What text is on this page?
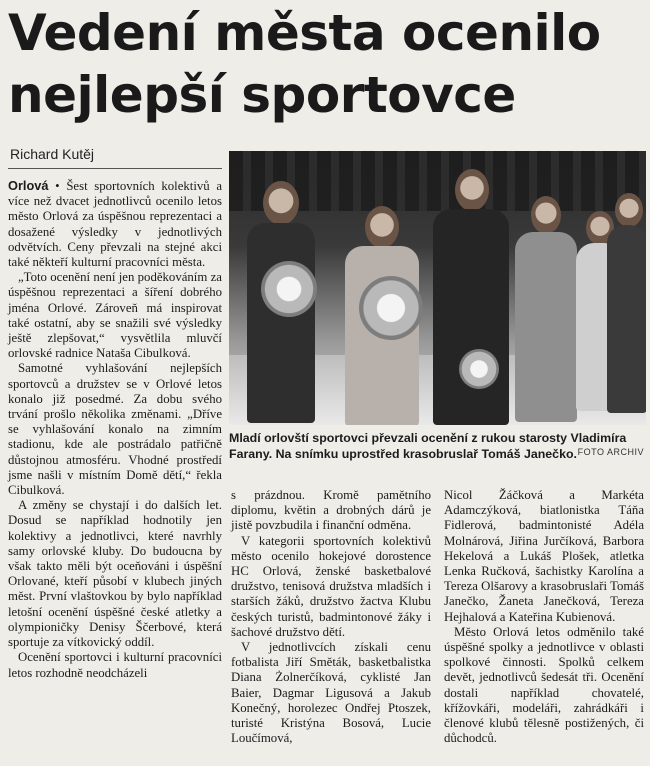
Vedení města ocenilo
nejlepší sportovce
Richard Kutěj

Orlová • Šest sportovních kolektivů a více než dvacet jednotlivců ocenilo letos město Orlová za úspěšnou reprezentaci a dosažené výsledky v jednotlivých odvětvích. Ceny převzali na stejné akci také někteří kulturní pracovníci města.

„Toto ocenění není jen poděkováním za úspěšnou reprezentaci a šíření dobrého jména Orlové. Zároveň má inspirovat také ostatní, aby se snažili své výsledky ještě zlepšovat,“ vysvětlila mluvčí orlovské radnice Nataša Cibulková.

Samotné vyhlašování nejlepších sportovců a družstev se v Orlové letos konalo již posedmé. Za dobu svého trvání prošlo několika změnami. „Dříve se vyhlašování konalo na zimním stadionu, kde ale postrádalo patřičně důstojnou atmosféru. Vhodné prostředí jsme našli v místním Domě dětí,“ řekla Cibulková.

A změny se chystají i do dalších let. Dosud se například hodnotily jen kolektivy a jednotlivci, které navrhly samy orlovské kluby. Do budoucna by však takto měli být oceňováni i úspěšní Orlované, kteří působí v klubech jiných měst. První vlaštovkou by bylo například letošní ocenění úspěšné české atletky a olympioničky Denisy Ščerbové, která sportuje za vítkovický oddíl.

Ocenění sportovci i kulturní pracovníci letos rozhodně neodcházeli

Mladí orlovští sportovci převzali ocenění z rukou starosty Vladimíra Farany. Na snímku uprostřed krasobruslař Tomáš Janečko. FOTO ARCHIV

s prázdnou. Kromě pamětního diplomu, květin a drobných dárů je jistě povzbudila i finanční odměna.

V kategorii sportovních kolektivů město ocenilo hokejové dorostence HC Orlová, ženské basketbalové družstvo, tenisová družstva mladších i starších žáků, družstvo žactva Klubu českých turistů, badmintonové žáky i šachové družstvo dětí.

V jednotlivcích získali cenu fotbalista Jiří Směták, basketbalistka Diana Żolnerčíková, cyklisté Jan Baier, Dagmar Ligusová a Jakub Konečný, horolezec Ondřej Ptoszek, turisté Kristýna Bosová, Lucie Loučímová,

Nicol Žáčková a Markéta Adamczýková, biatlonistka Táňa Fidlerová, badmintonisté Adéla Molnárová, Jiřina Jurčíková, Barbora Hekelová a Lukáš Plošek, atletka Lenka Ručková, šachistky Karolína a Tereza Olšarovy a krasobruslaři Tomáš Janečko, Žaneta Janečková, Tereza Hejhalová a Kateřina Kubienová.

Město Orlová letos odměnilo také úspěšné spolky a jednotlivce v oblasti spolkové činnosti. Spolků celkem devět, jednotlivců šedesát tři. Ocenění dostali například chovatelé, křížovkáři, modeláři, zahrádkáři i členové klubů tělesně postižených, či důchodců.
